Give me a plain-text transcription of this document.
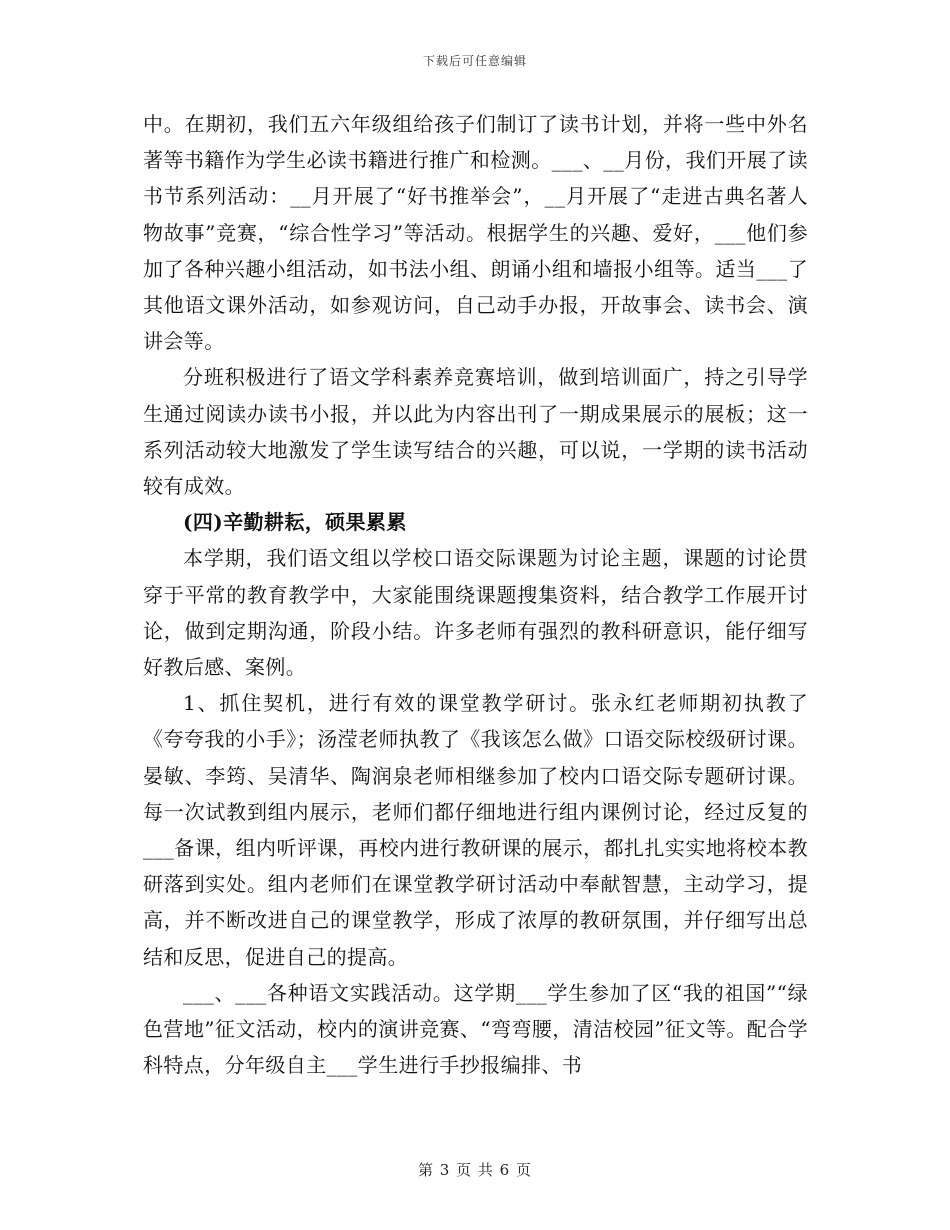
下载后可任意编辑

中。在期初，我们五六年级组给孩子们制订了读书计划，并将一些中外名著等书籍作为学生必读书籍进行推广和检测。___、__月份，我们开展了读书节系列活动：__月开展了“好书推举会”，__月开展了“走进古典名著人物故事”竞赛，“综合性学习”等活动。根据学生的兴趣、爱好，___他们参加了各种兴趣小组活动，如书法小组、朗诵小组和墙报小组等。适当___了其他语文课外活动，如参观访问，自己动手办报，开故事会、读书会、演讲会等。

分班积极进行了语文学科素养竞赛培训，做到培训面广，持之引导学生通过阅读办读书小报，并以此为内容出刊了一期成果展示的展板；这一系列活动较大地激发了学生读写结合的兴趣，可以说，一学期的读书活动较有成效。

(四)辛勤耕耘，硕果累累

本学期，我们语文组以学校口语交际课题为讨论主题，课题的讨论贯穿于平常的教育教学中，大家能围绕课题搜集资料，结合教学工作展开讨论，做到定期沟通，阶段小结。许多老师有强烈的教科研意识，能仔细写好教后感、案例。

1、抓住契机，进行有效的课堂教学研讨。张永红老师期初执教了《夸夸我的小手》；汤滢老师执教了《我该怎么做》口语交际校级研讨课。晏敏、李筠、吴清华、陶润泉老师相继参加了校内口语交际专题研讨课。每一次试教到组内展示，老师们都仔细地进行组内课例讨论，经过反复的___备课，组内听评课，再校内进行教研课的展示，都扎扎实实地将校本教研落到实处。组内老师们在课堂教学研讨活动中奉献智慧，主动学习，提高，并不断改进自己的课堂教学，形成了浓厚的教研氛围，并仔细写出总结和反思，促进自己的提高。

___、___各种语文实践活动。这学期___学生参加了区“我的祖国”“绿色营地”征文活动，校内的演讲竞赛、“弯弯腰，清洁校园”征文等。配合学科特点，分年级自主___学生进行手抄报编排、书

第 3 页 共 6 页
